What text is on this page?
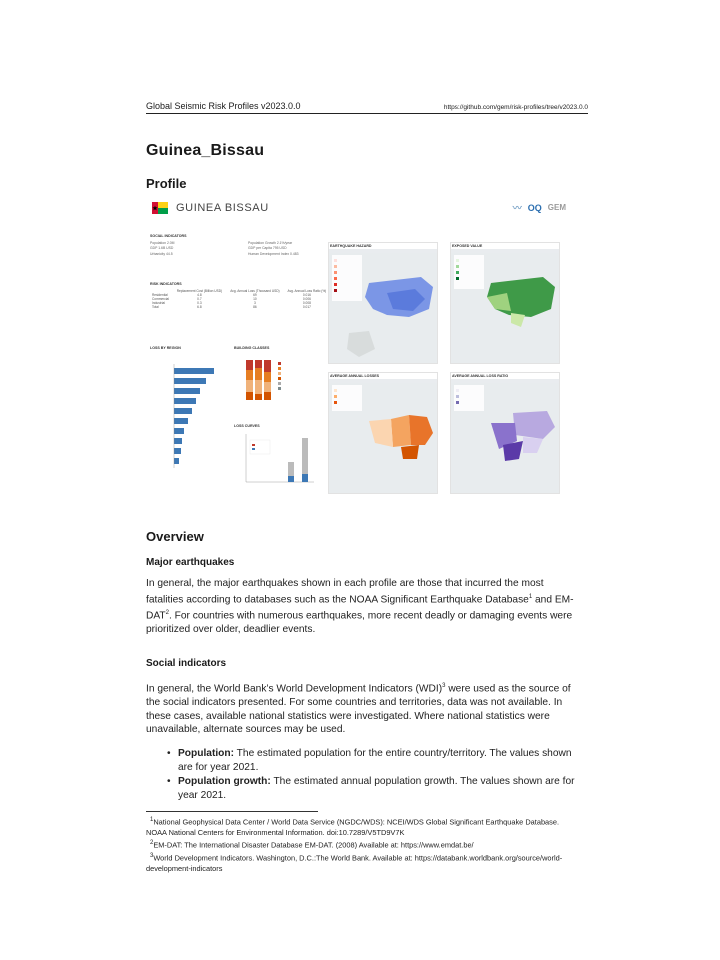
Global Seismic Risk Profiles v2023.0.0	https://github.com/gem/risk-profiles/tree/v2023.0.0
Guinea_Bissau
Profile
GUINEA BISSAU	〰 OQ GEM
SOCIAL INDICATORS
Population 2.0M	Population Growth 2.1%/year
GDP 1.6B USD	GDP per Capita 795 USD
Urbanicity 44.5	Human Development Index 0.483
RISK INDICATORS
	Replacement Cost (Billion USD)	Avg. Annual Loss (Thousand USD)	Avg. Annual Loss Ratio (%)
Residential	4.8	69	0.016
Commercial	0.7	10	0.006
Industrial	0.3	3	0.008
Total	6.8	86	0.017
LOSS BY REGION	BUILDING CLASSES
LOSS CURVES
EARTHQUAKE HAZARD	EXPOSED VALUE
AVERAGE ANNUAL LOSSES	AVERAGE ANNUAL LOSS RATIO
Overview
Major earthquakes

In general, the major earthquakes shown in each profile are those that incurred the most fatalities according to databases such as the NOAA Significant Earthquake Database$^1$ and EM-DAT$^2$. For countries with numerous earthquakes, more recent deadly or damaging events were prioritized over older, deadlier events.

Social indicators

In general, the World Bank’s World Development Indicators (WDI)$^3$ were used as the source of the social indicators presented. For some countries and territories, data was not available. In these cases, available national statistics were investigated. Where national statistics were unavailable, alternate sources may be used.

• Population: The estimated population for the entire country/territory. The values shown are for year 2021.
• Population growth: The estimated annual population growth. The values shown are for year 2021.
$^1$National Geophysical Data Center / World Data Service (NGDC/WDS): NCEI/WDS Global Significant Earthquake Database. NOAA National Centers for Environmental Information. doi:10.7289/V5TD9V7K
$^2$EM-DAT: The International Disaster Database EM-DAT. (2008) Available at: https://www.emdat.be/
$^3$World Development Indicators. Washington, D.C.:The World Bank. Available at: https://databank.worldbank.org/source/world-development-indicators
